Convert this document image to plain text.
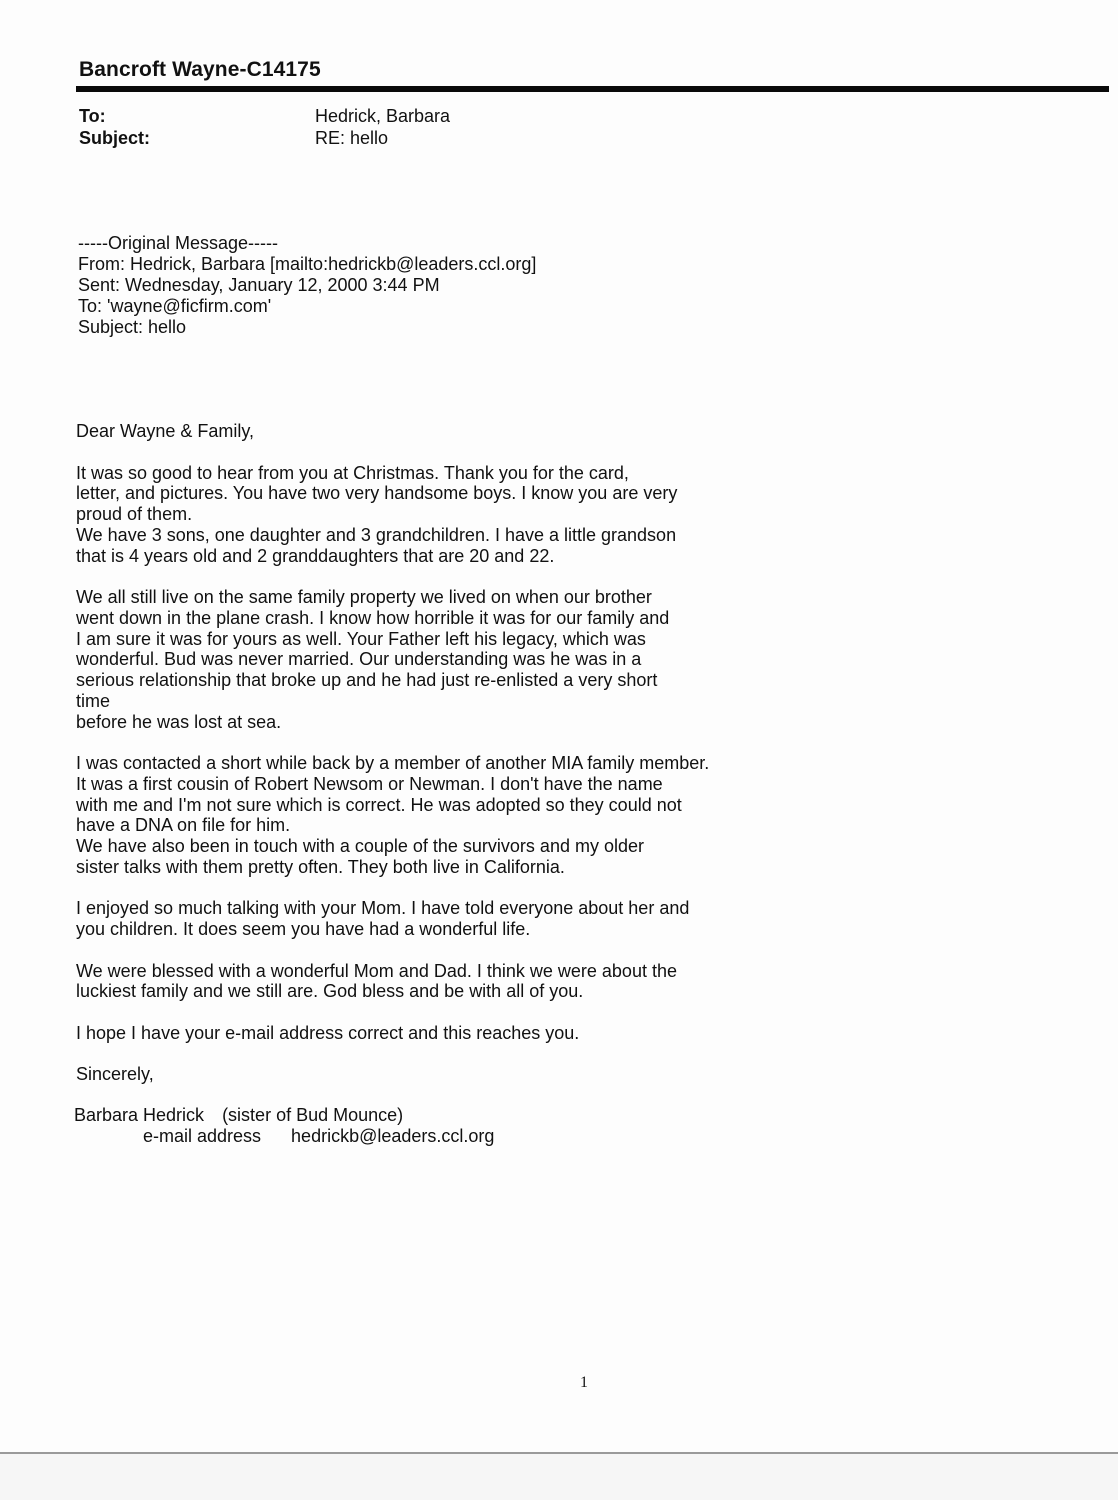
Bancroft Wayne-C14175
To:	Hedrick, Barbara
Subject:	RE: hello
-----Original Message-----
From: Hedrick, Barbara [mailto:hedrickb@leaders.ccl.org]
Sent: Wednesday, January 12, 2000 3:44 PM
To: 'wayne@ficfirm.com'
Subject: hello

Dear Wayne & Family,

It was so good to hear from you at Christmas. Thank you for the card,
letter, and pictures. You have two very handsome boys. I know you are very
proud of them.
We have 3 sons, one daughter and 3 grandchildren. I have a little grandson
that is 4 years old and 2 granddaughters that are 20 and 22.

We all still live on the same family property we lived on when our brother
went down in the plane crash. I know how horrible it was for our family and
I am sure it was for yours as well. Your Father left his legacy, which was
wonderful. Bud was never married. Our understanding was he was in a
serious relationship that broke up and he had just re-enlisted a very short
time
before he was lost at sea.

I was contacted a short while back by a member of another MIA family member.
It was a first cousin of Robert Newsom or Newman. I don't have the name
with me and I'm not sure which is correct. He was adopted so they could not
have a DNA on file for him.
We have also been in touch with a couple of the survivors and my older
sister talks with them pretty often. They both live in California.

I enjoyed so much talking with your Mom. I have told everyone about her and
you children. It does seem you have had a wonderful life.

We were blessed with a wonderful Mom and Dad. I think we were about the
luckiest family and we still are. God bless and be with all of you.

I hope I have your e-mail address correct and this reaches you.

Sincerely,

Barbara Hedrick (sister of Bud Mounce)
e-mail address hedrickb@leaders.ccl.org
1
